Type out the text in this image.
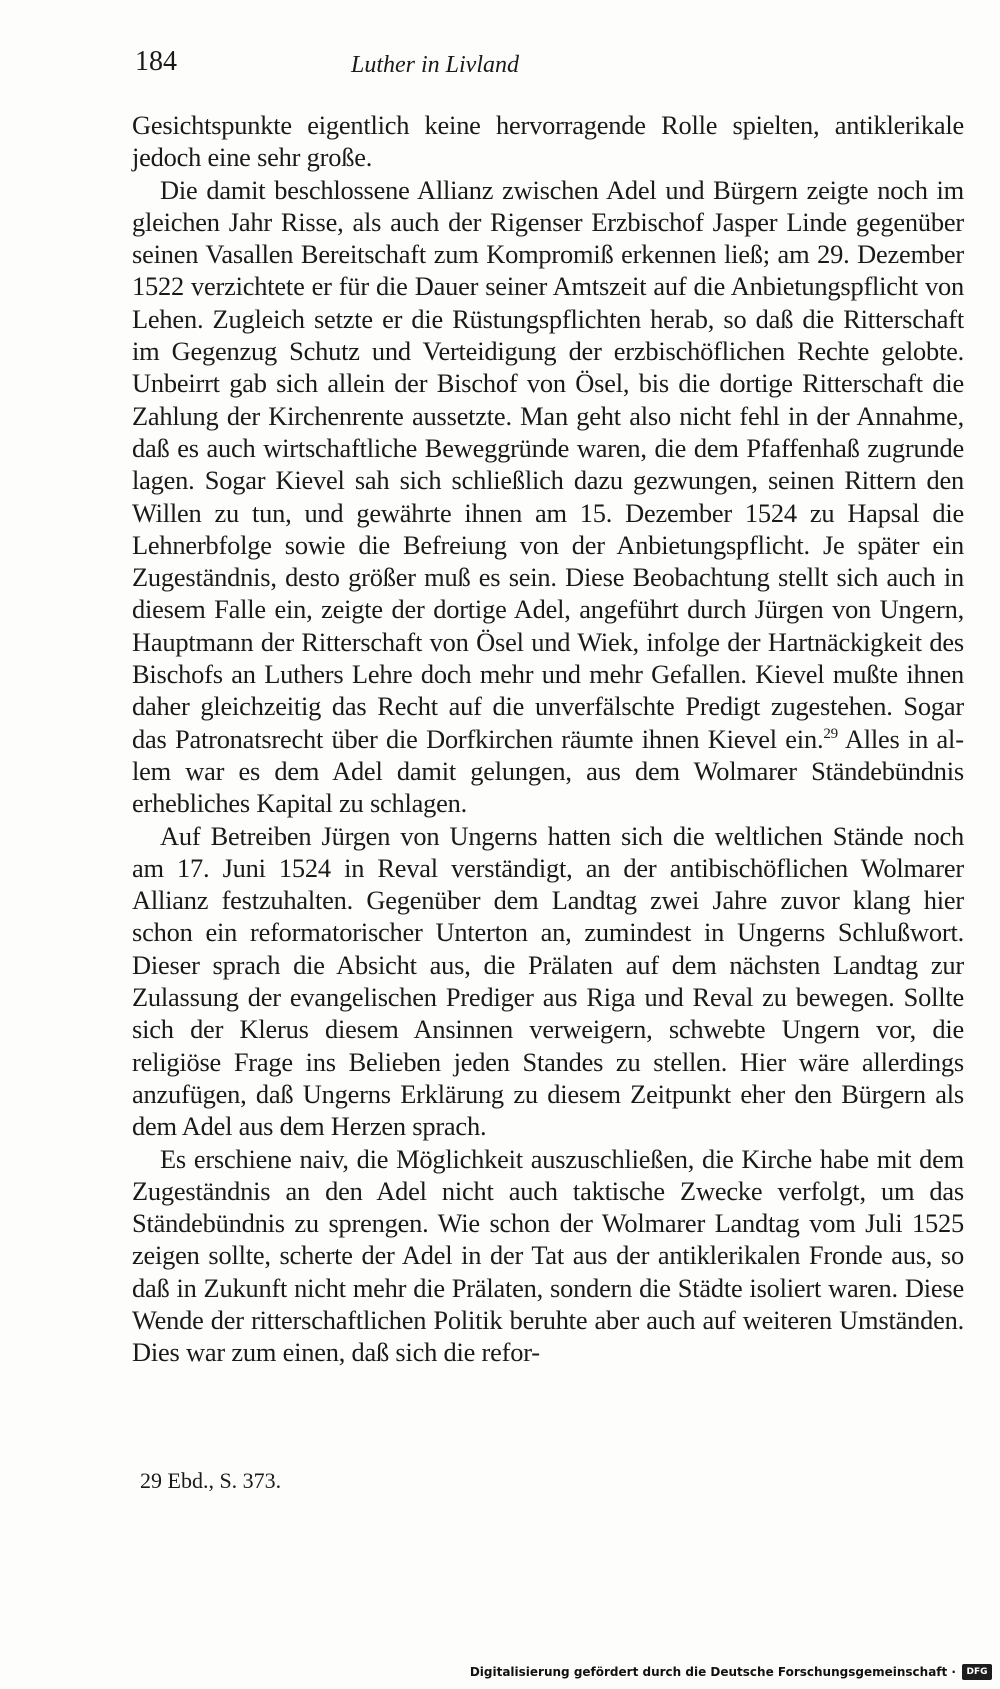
184	Luther in Livland

Gesichtspunkte eigentlich keine hervorragende Rolle spielten, antiklerikale jedoch eine sehr große.

Die damit beschlossene Allianz zwischen Adel und Bürgern zeigte noch im gleichen Jahr Risse, als auch der Rigenser Erzbischof Jasper Linde gegenüber seinen Vasallen Bereitschaft zum Kompromiß erkennen ließ; am 29. Dezember 1522 verzichtete er für die Dauer seiner Amtszeit auf die Anbietungspflicht von Lehen. Zugleich setzte er die Rüstungspflichten herab, so daß die Ritterschaft im Gegenzug Schutz und Verteidigung der erzbischöflichen Rechte gelobte. Unbeirrt gab sich allein der Bischof von Ösel, bis die dortige Ritterschaft die Zahlung der Kirchenrente aussetzte. Man geht also nicht fehl in der Annahme, daß es auch wirtschaftliche Beweggründe waren, die dem Pfaffenhaß zugrunde lagen. Sogar Kievel sah sich schließlich dazu gezwungen, seinen Rittern den Willen zu tun, und gewährte ihnen am 15. Dezember 1524 zu Hapsal die Lehnerbfolge sowie die Befreiung von der Anbietungspflicht. Je später ein Zugeständnis, desto größer muß es sein. Diese Beobachtung stellt sich auch in diesem Falle ein, zeigte der dortige Adel, angeführt durch Jürgen von Ungern, Hauptmann der Ritterschaft von Ösel und Wiek, infolge der Hartnäckigkeit des Bischofs an Luthers Lehre doch mehr und mehr Gefallen. Kievel mußte ihnen daher gleichzeitig das Recht auf die unverfälschte Predigt zugestehen. Sogar das Patronatsrecht über die Dorfkirchen räumte ihnen Kievel ein.$^{29}$ Alles in allem war es dem Adel damit gelungen, aus dem Wolmarer Ständebündnis erhebliches Kapital zu schlagen.

Auf Betreiben Jürgen von Ungerns hatten sich die weltlichen Stände noch am 17. Juni 1524 in Reval verständigt, an der antibischöflichen Wolmarer Allianz festzuhalten. Gegenüber dem Landtag zwei Jahre zuvor klang hier schon ein reformatorischer Unterton an, zumindest in Ungerns Schlußwort. Dieser sprach die Absicht aus, die Prälaten auf dem nächsten Landtag zur Zulassung der evangelischen Prediger aus Riga und Reval zu bewegen. Sollte sich der Klerus diesem Ansinnen verweigern, schwebte Ungern vor, die religiöse Frage ins Belieben jeden Standes zu stellen. Hier wäre allerdings anzufügen, daß Ungerns Erklärung zu diesem Zeitpunkt eher den Bürgern als dem Adel aus dem Herzen sprach.

Es erschiene naiv, die Möglichkeit auszuschließen, die Kirche habe mit dem Zugeständnis an den Adel nicht auch taktische Zwecke verfolgt, um das Ständebündnis zu sprengen. Wie schon der Wolmarer Landtag vom Juli 1525 zeigen sollte, scherte der Adel in der Tat aus der antiklerikalen Fronde aus, so daß in Zukunft nicht mehr die Prälaten, sondern die Städte isoliert waren. Diese Wende der ritterschaftlichen Politik beruhte aber auch auf weiteren Umständen. Dies war zum einen, daß sich die refor-

29 Ebd., S. 373.
Digitalisierung gefördert durch die Deutsche Forschungsgemeinschaft ·	DFG
